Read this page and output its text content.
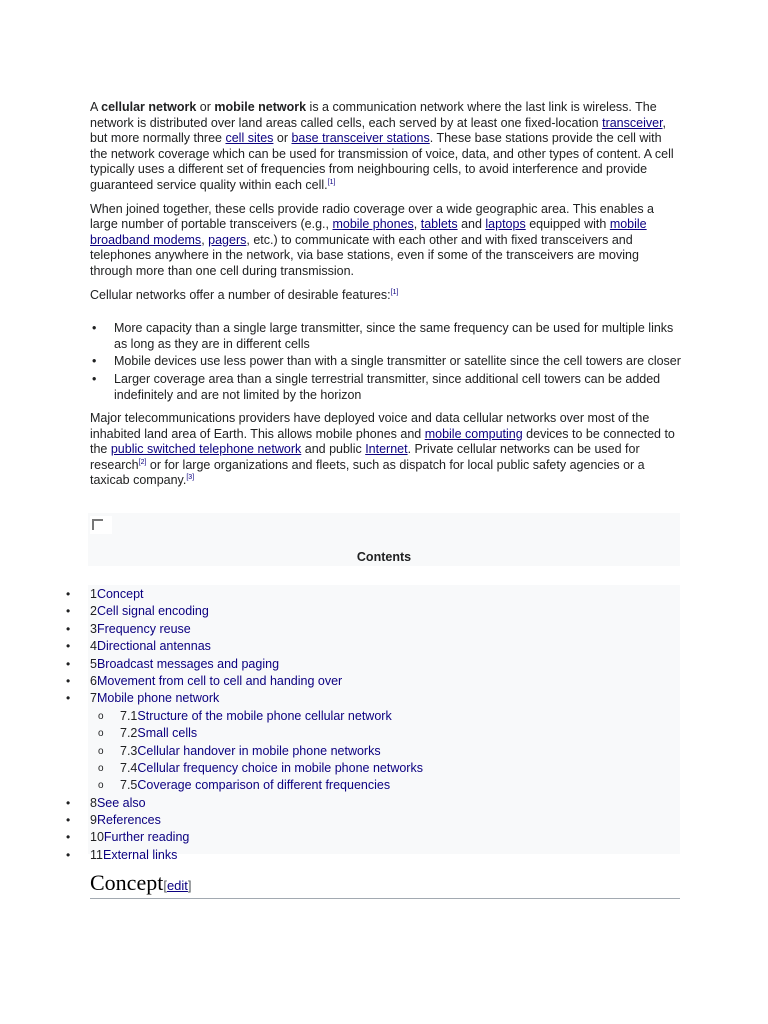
A cellular network or mobile network is a communication network where the last link is wireless. The network is distributed over land areas called cells, each served by at least one fixed-location transceiver, but more normally three cell sites or base transceiver stations. These base stations provide the cell with the network coverage which can be used for transmission of voice, data, and other types of content. A cell typically uses a different set of frequencies from neighbouring cells, to avoid interference and provide guaranteed service quality within each cell.[1]

When joined together, these cells provide radio coverage over a wide geographic area. This enables a large number of portable transceivers (e.g., mobile phones, tablets and laptops equipped with mobile broadband modems, pagers, etc.) to communicate with each other and with fixed transceivers and telephones anywhere in the network, via base stations, even if some of the transceivers are moving through more than one cell during transmission.

Cellular networks offer a number of desirable features:[1]

• More capacity than a single large transmitter, since the same frequency can be used for multiple links as long as they are in different cells
• Mobile devices use less power than with a single transmitter or satellite since the cell towers are closer
• Larger coverage area than a single terrestrial transmitter, since additional cell towers can be added indefinitely and are not limited by the horizon

Major telecommunications providers have deployed voice and data cellular networks over most of the inhabited land area of Earth. This allows mobile phones and mobile computing devices to be connected to the public switched telephone network and public Internet. Private cellular networks can be used for research[2] or for large organizations and fleets, such as dispatch for local public safety agencies or a taxicab company.[3]

Contents
• 1Concept
• 2Cell signal encoding
• 3Frequency reuse
• 4Directional antennas
• 5Broadcast messages and paging
• 6Movement from cell to cell and handing over
• 7Mobile phone network
o 7.1Structure of the mobile phone cellular network
o 7.2Small cells
o 7.3Cellular handover in mobile phone networks
o 7.4Cellular frequency choice in mobile phone networks
o 7.5Coverage comparison of different frequencies
• 8See also
• 9References
• 10Further reading
• 11External links
Concept[edit]
